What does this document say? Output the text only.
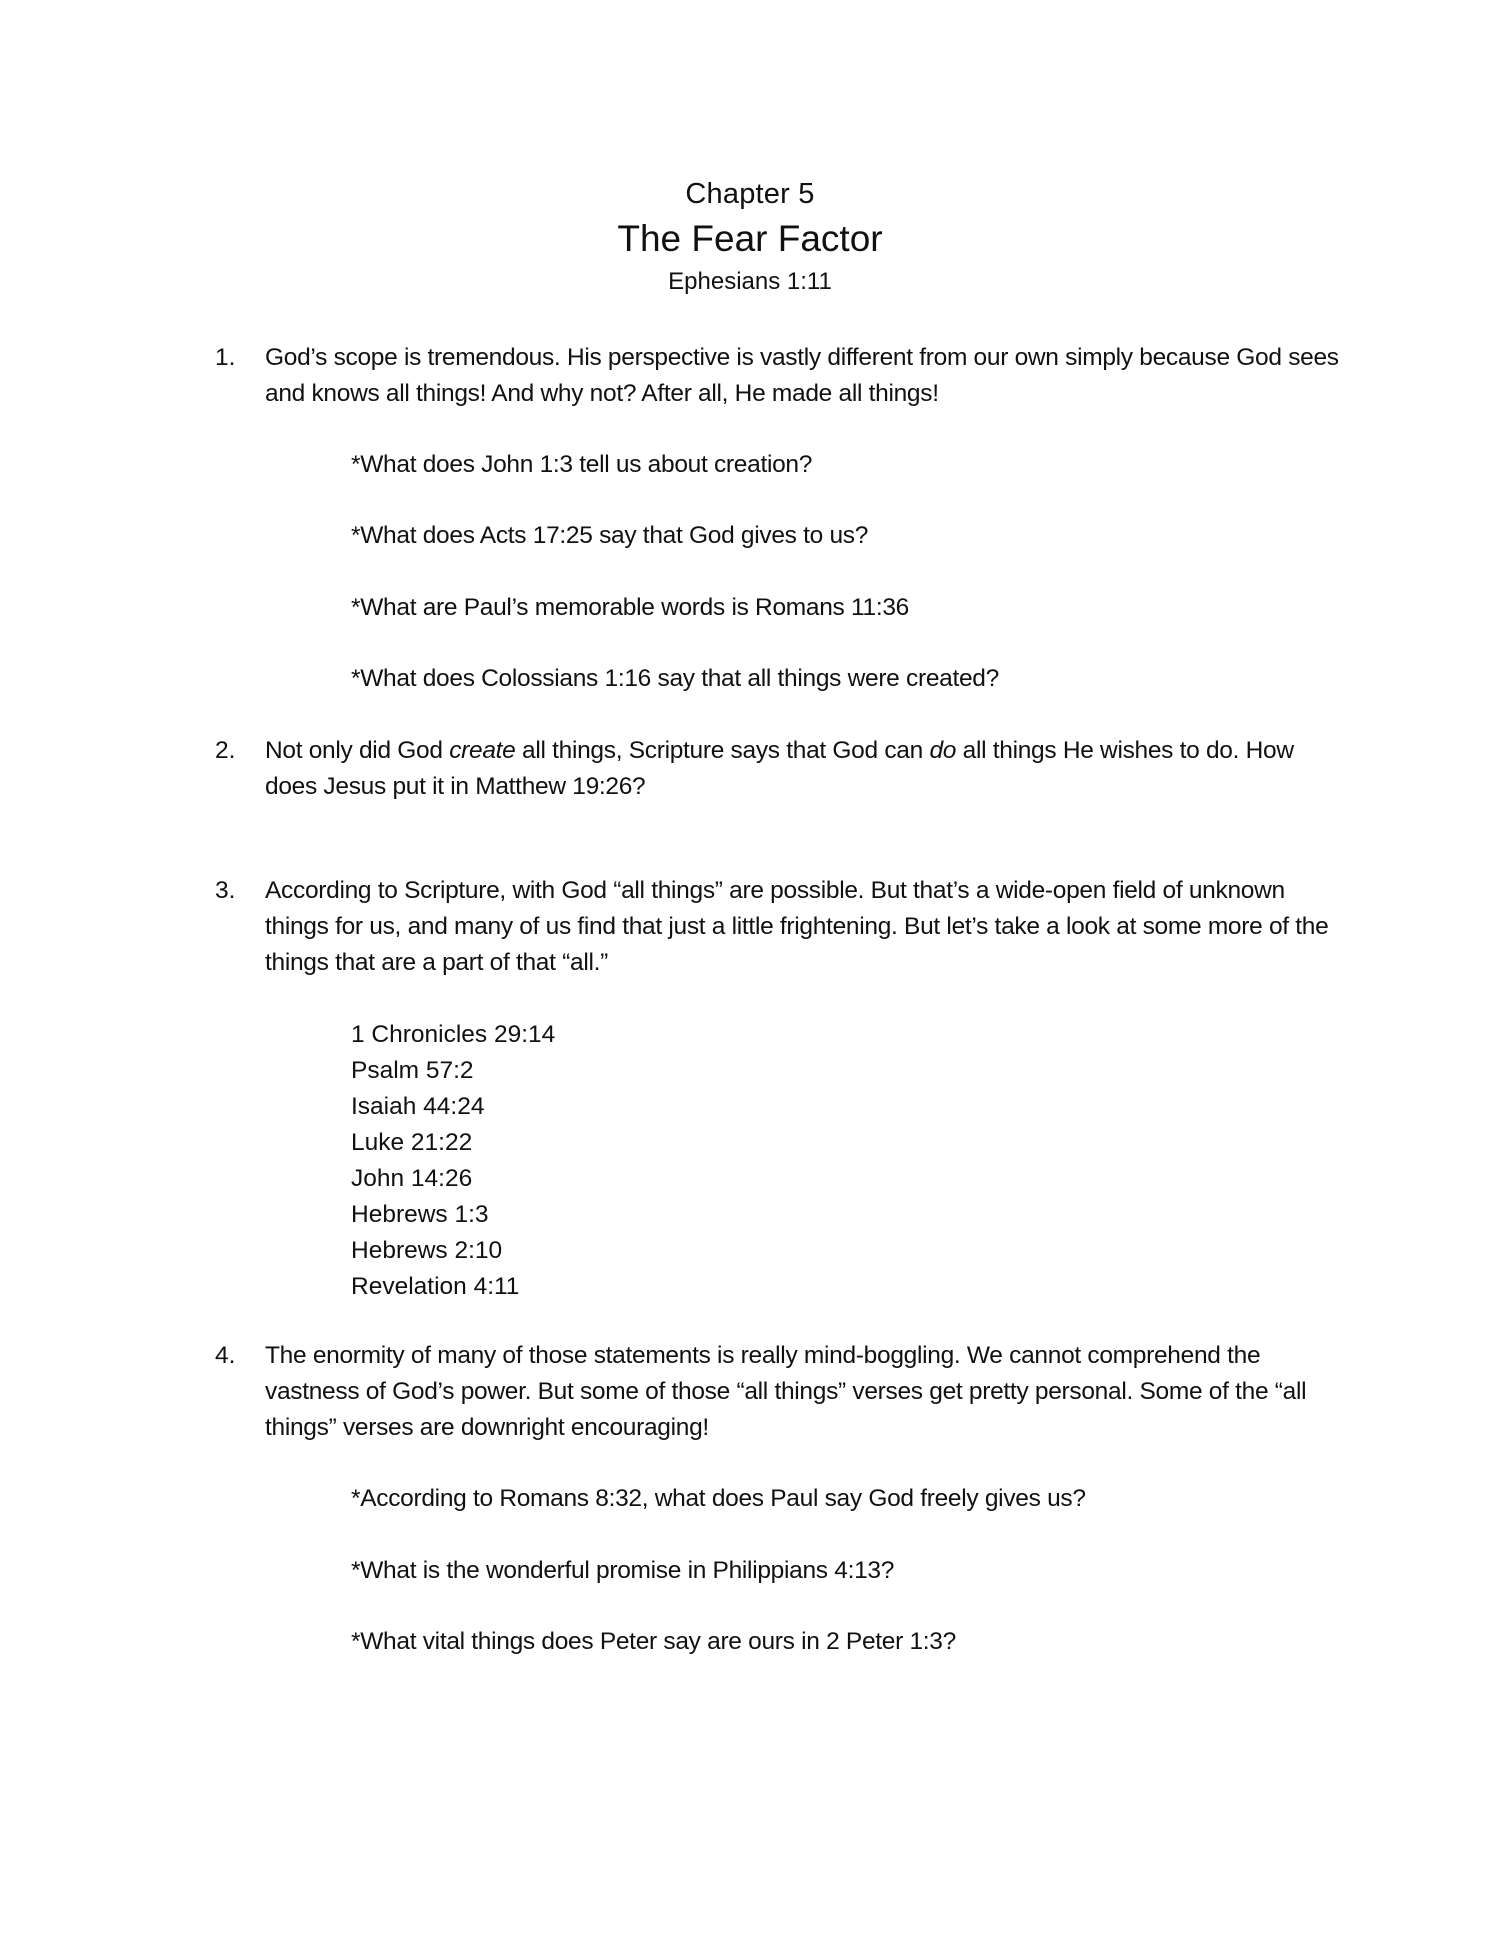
Chapter 5
The Fear Factor
Ephesians 1:11
1.	God’s scope is tremendous. His perspective is vastly different from our own simply because God sees and knows all things! And why not? After all, He made all things!
*What does John 1:3 tell us about creation?
*What does Acts 17:25 say that God gives to us?
*What are Paul’s memorable words is Romans 11:36
*What does Colossians 1:16 say that all things were created?
2.	Not only did God create all things, Scripture says that God can do all things He wishes to do. How does Jesus put it in Matthew 19:26?
3.	According to Scripture, with God “all things” are possible. But that’s a wide-open field of unknown things for us, and many of us find that just a little frightening. But let’s take a look at some more of the things that are a part of that “all.”
1 Chronicles 29:14
Psalm 57:2
Isaiah 44:24
Luke 21:22
John 14:26
Hebrews 1:3
Hebrews 2:10
Revelation 4:11
4.	The enormity of many of those statements is really mind-boggling. We cannot comprehend the vastness of God’s power. But some of those “all things” verses get pretty personal. Some of the “all things” verses are downright encouraging!
*According to Romans 8:32, what does Paul say God freely gives us?
*What is the wonderful promise in Philippians 4:13?
*What vital things does Peter say are ours in 2 Peter 1:3?
